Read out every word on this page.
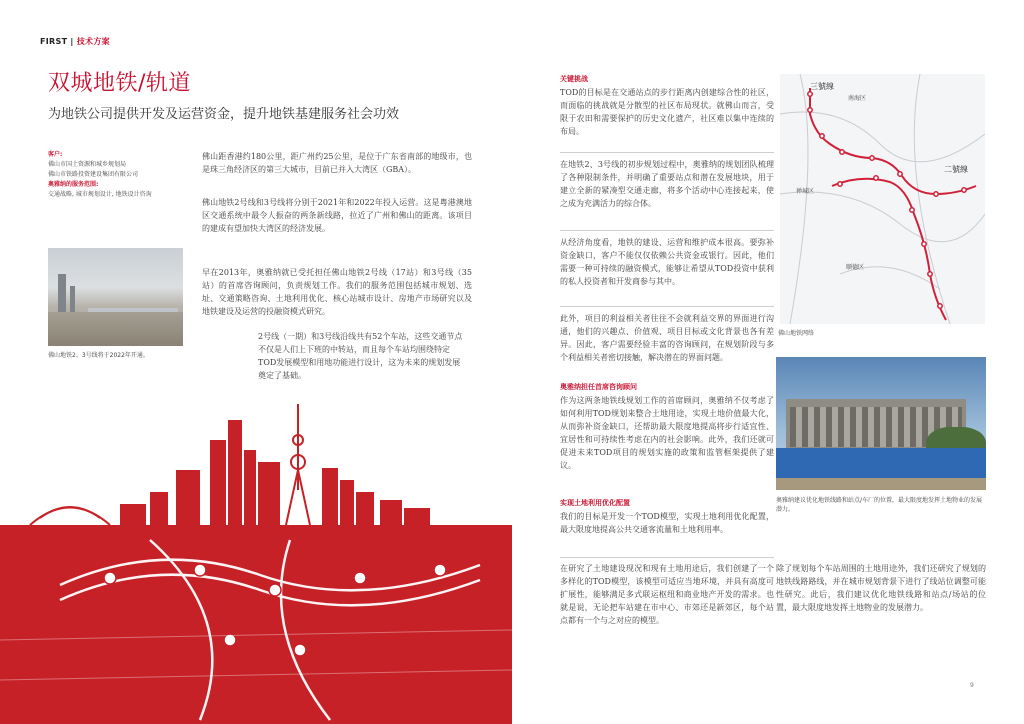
FIRST | 技术方案
双城地铁/轨道
为地铁公司提供开发及运营资金，提升地铁基建服务社会功效
客户:
佛山市国土资源和城乡规划局
佛山市铁路投资建设集团有限公司
奥雅纳的服务范围:
交通战略, 城市规划设计, 地铁设计咨询
佛山地铁2、3号线将于2022年开通。

佛山距香港约180公里，距广州约25公里，是位于广东省南部的地级市，也是珠三角经济区的第三大城市，目前已并入大湾区（GBA）。

佛山地铁2号线和3号线将分别于2021年和2022年投入运营。这是粤港澳地区交通系统中最令人振奋的两条新线路，拉近了广州和佛山的距离。该项目的建成有望加快大湾区的经济发展。

早在2013年，奥雅纳就已受托担任佛山地铁2号线（17站）和3号线（35站）的首席咨询顾问，负责规划工作。我们的服务范围包括城市规划、选址、交通策略咨询、土地利用优化、核心站城市设计、房地产市场研究以及地铁建设及运营的投融资模式研究。

2号线（一期）和3号线沿线共有52个车站，这些交通节点不仅是人们上下班的中转站，而且每个车站均围绕特定TOD发展模型和用地功能进行设计，这为未来的规划发展奠定了基础。

关键挑战

TOD的目标是在交通站点的步行距离内创建综合性的社区，而面临的挑战就是分散型的社区布局现状。就佛山而言，受限于农田和需要保护的历史文化遗产，社区难以集中连续的布局。

在地铁2、3号线的初步规划过程中，奥雅纳的规划团队梳理了各种限制条件，并明确了重要站点和潜在发展地块，用于建立全新的紧凑型交通走廊，将多个活动中心连接起来，使之成为充满活力的综合体。

从经济角度看，地铁的建设、运营和维护成本很高。要弥补资金缺口，客户不能仅仅依赖公共资金或银行。因此，他们需要一种可持续的融资模式，能够让希望从TOD投资中获利的私人投资者和开发商参与其中。

此外，项目的利益相关者往往不会就利益交界的界面进行沟通，他们的兴趣点、价值观、项目目标或文化背景也各有差异。因此，客户需要经验丰富的咨询顾问，在规划阶段与多个利益相关者密切接触，解决潜在的界面问题。

奥雅纳担任首席咨询顾问

作为这两条地铁线规划工作的首席顾问，奥雅纳不仅考虑了如何利用TOD规划来整合土地用途，实现土地价值最大化，从而弥补资金缺口，还帮助最大限度地提高将步行适宜性、宜居性和可持续性考虑在内的社会影响。此外，我们还就可促进未来TOD项目的规划实施的政策和监管框架提供了建议。

实现土地利用优化配置

我们的目标是开发一个TOD模型，实现土地利用优化配置，最大限度地提高公共交通客流量和土地利用率。

在研究了土地建设现况和现有土地用途后，我们创建了一个多样化的TOD模型，该模型可适应当地环境，并具有高度可扩展性，能够满足多式联运枢纽和商业地产开发的需求。也就是说，无论把车站建在市中心、市郊还是新郊区，每个站点都有一个与之对应的模型。

除了规划每个车站周围的土地用途外，我们还研究了规划的地铁线路路线，并在城市规划背景下进行了线站位调整可能性研究。此后，我们建议优化地铁线路和站点/场站的位置，最大限度地发挥土地物业的发展潜力。

三號線
二號線
南海区
禅城区
顺德区
佛山地铁网络
奥雅纳建议优化地铁线路和站点/车厂的位置，最大限度地发挥土地物业的发展潜力。
9
